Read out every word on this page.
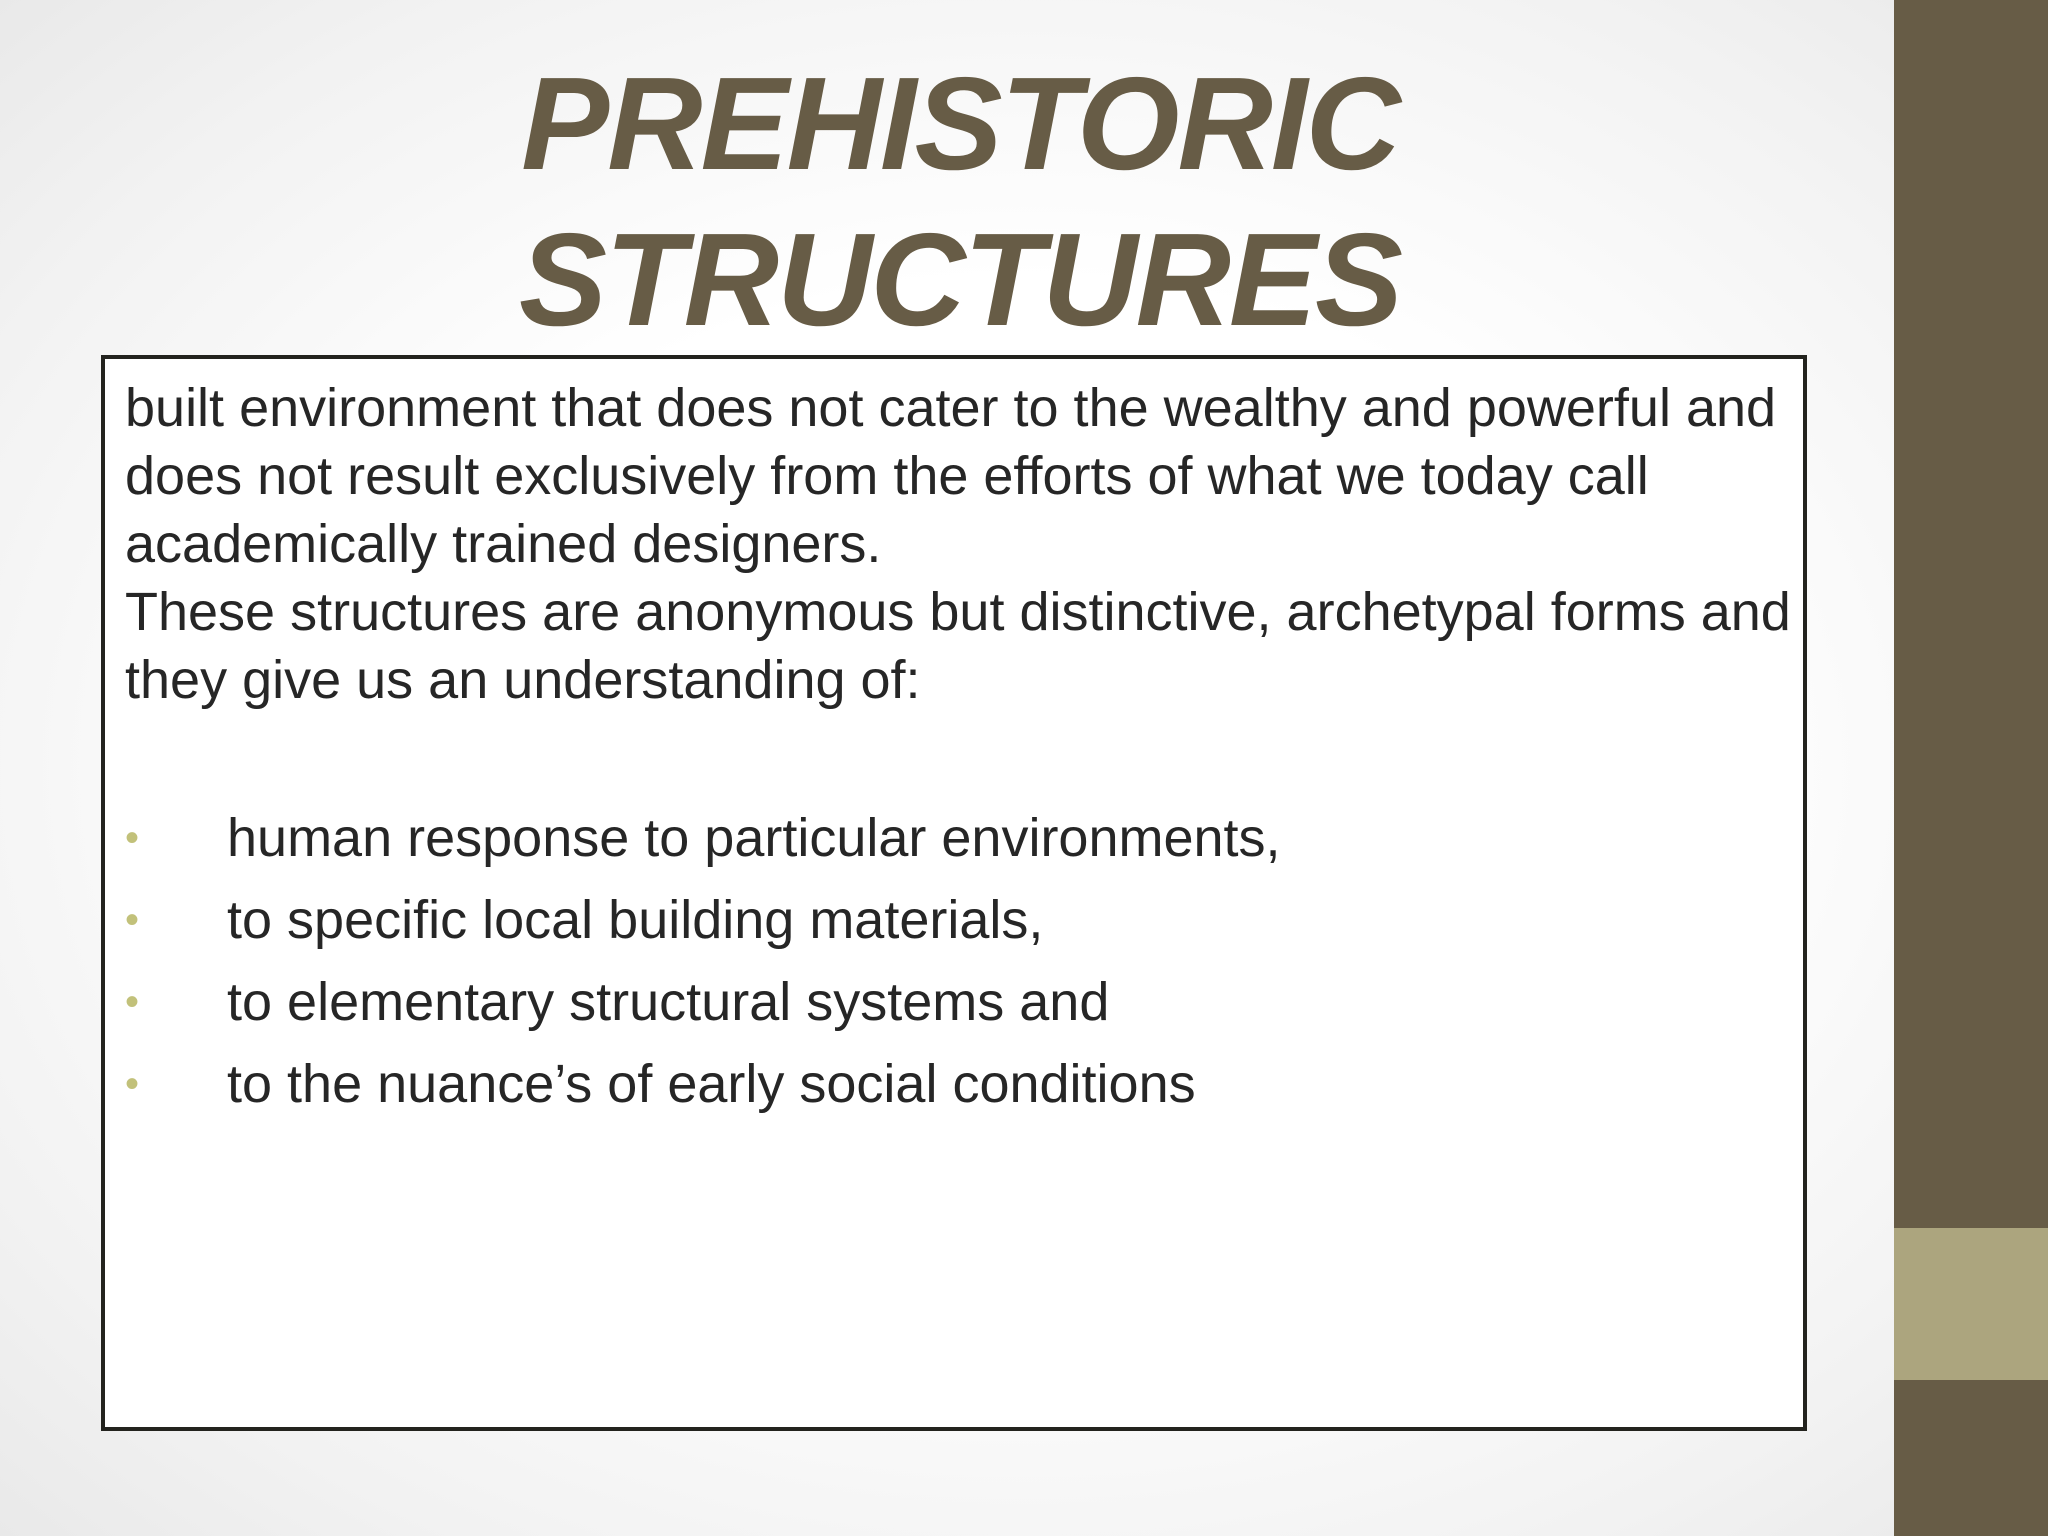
PREHISTORIC
STRUCTURES

built environment that does not cater to the wealthy and powerful and does not result exclusively from the efforts of what we today call academically trained designers.

These structures are anonymous but distinctive, archetypal forms and they give us an understanding of:

• human response to particular environments,
• to specific local building materials,
• to elementary structural systems and
• to the nuance’s of early social conditions
